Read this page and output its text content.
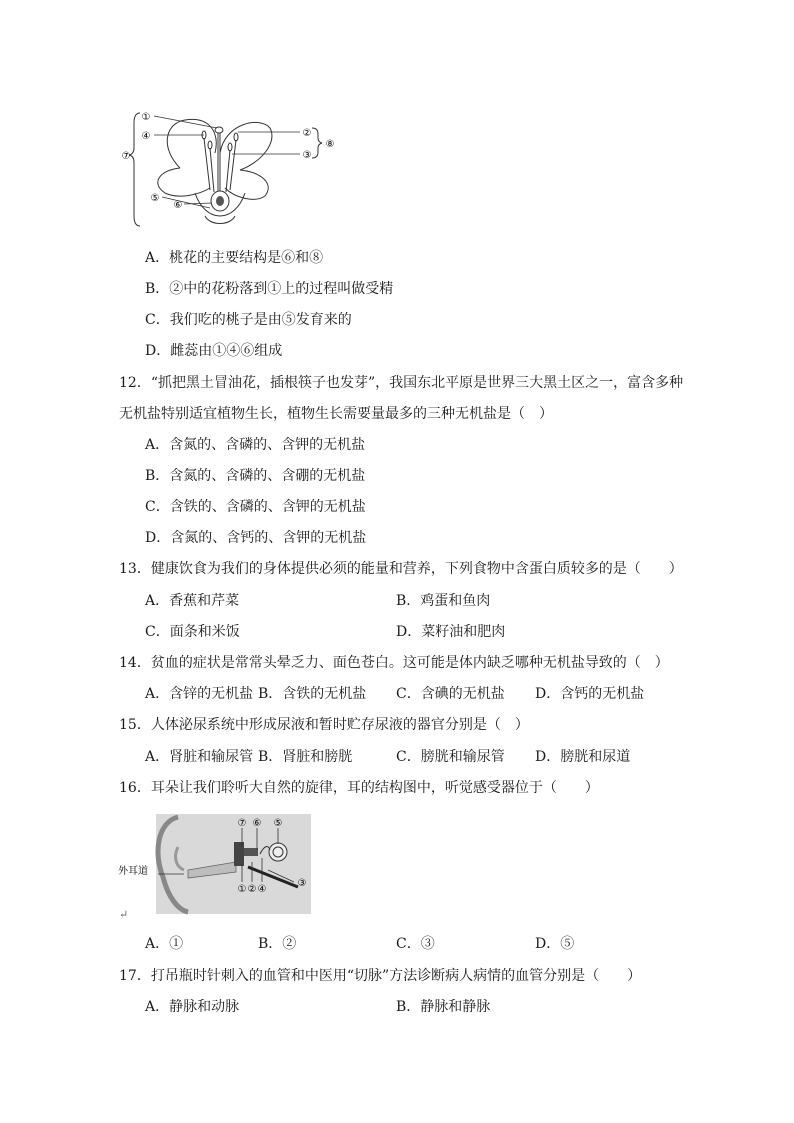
①
④
⑦
⑤
⑥
②
③
⑧
A．桃花的主要结构是⑥和⑧
B．②中的花粉落到①上的过程叫做受精
C．我们吃的桃子是由⑤发育来的
D．雌蕊由①④⑥组成
12．“抓把黑土冒油花，插根筷子也发芽”，我国东北平原是世界三大黑土区之一，富含多种
无机盐特别适宜植物生长，植物生长需要量最多的三种无机盐是（　）
A．含氮的、含磷的、含钾的无机盐
B．含氮的、含磷的、含硼的无机盐
C．含铁的、含磷的、含钾的无机盐
D．含氮的、含钙的、含钾的无机盐
13．健康饮食为我们的身体提供必须的能量和营养，下列食物中含蛋白质较多的是（　　）
A．香蕉和芹菜	B．鸡蛋和鱼肉
C．面条和米饭	D．菜籽油和肥肉
14．贫血的症状是常常头晕乏力、面色苍白。这可能是体内缺乏哪种无机盐导致的（　）
A．含锌的无机盐 B．含铁的无机盐 C．含碘的无机盐 D．含钙的无机盐
15．人体泌尿系统中形成尿液和暂时贮存尿液的器官分别是（　）
A．肾脏和输尿管 B．肾脏和膀胱	C．膀胱和输尿管 D．膀胱和尿道
16．耳朵让我们聆听大自然的旋律，耳的结构图中，听觉感受器位于（　　）
⑦ ⑥ ⑤
① ② ④
③
外耳道
↵
A．①	B．②	C．③	D．⑤
17．打吊瓶时针刺入的血管和中医用“切脉”方法诊断病人病情的血管分别是（　　）
A．静脉和动脉	B．静脉和静脉
